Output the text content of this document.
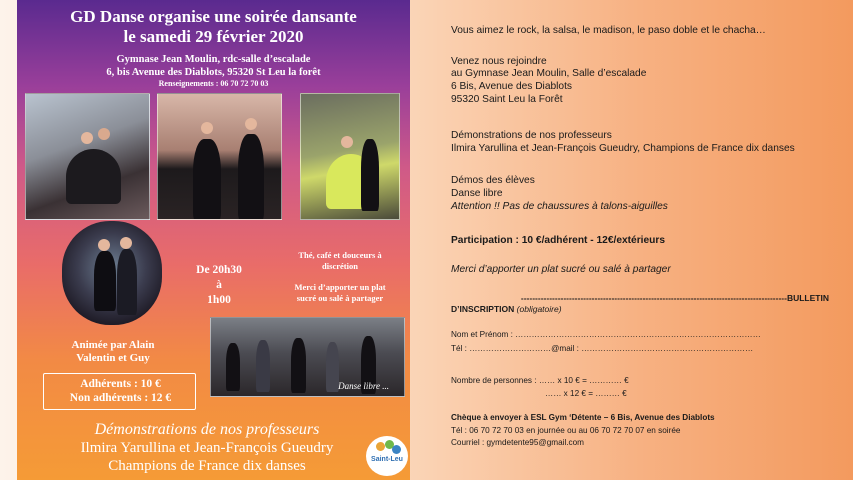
GD Danse organise une soirée dansante
le samedi 29 février 2020
Gymnase Jean Moulin, rdc-salle d’escalade
6, bis Avenue des Diablots, 95320 St Leu la forêt
Renseignements : 06 70 72 70 03
Danse libre ...
De 20h30
à
1h00
Thé, café et douceurs à
discrétion
Merci d’apporter un plat
sucré ou salé à partager
Animée par Alain
Valentin et Guy
Adhérents : 10 €
Non adhérents : 12 €
Démonstrations de nos professeurs
Ilmira Yarullina et Jean-François Gueudry
Champions de France dix danses	Saint-Leu
Vous aimez le rock, la salsa, le madison, le paso doble et le chacha…
Venez nous rejoindre
au Gymnase Jean Moulin, Salle d’escalade
6 Bis, Avenue des Diablots
95320 Saint Leu la Forêt
Démonstrations de nos professeurs
Ilmira Yarullina et Jean-François Gueudry, Champions de France dix danses
Démos des élèves
Danse libre
Attention !! Pas de chaussures à talons-aiguilles
Participation : 10 €/adhérent - 12€/extérieurs
Merci d’apporter un plat sucré ou salé à partager
----------------------------------------------------------------------------------------------BULLETIN
D’INSCRIPTION (obligatoire)
Nom et Prénom : ………………………………………………………………………………
Tél : …………………………@mail : ………………………………………………………
Nombre de personnes : …… x 10 € = ………… €
…… x 12 € = ……… €
Chèque à envoyer à ESL Gym ‘Détente – 6 Bis, Avenue des Diablots
Tél : 06 70 72 70 03 en journée ou au 06 70 72 70 07 en soirée
Courriel : gymdetente95@gmail.com
